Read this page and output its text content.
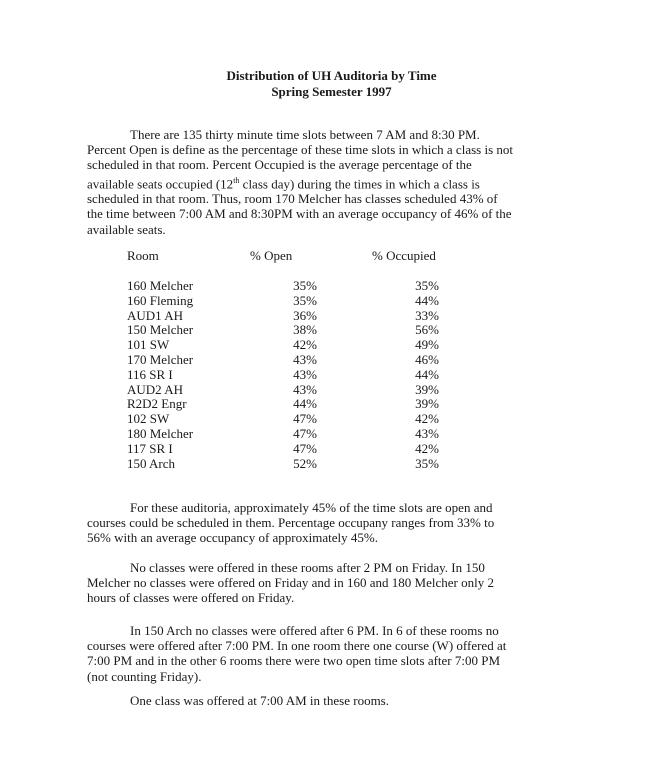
Distribution of UH Auditoria by Time
Spring Semester 1997
There are 135 thirty minute time slots between 7 AM and 8:30 PM.
Percent Open is define as the percentage of these time slots in which a class is not
scheduled in that room. Percent Occupied is the average percentage of the
available seats occupied (12th class day) during the times in which a class is
scheduled in that room. Thus, room 170 Melcher has classes scheduled 43% of
the time between 7:00 AM and 8:30PM with an average occupancy of 46% of the
available seats.
Room	% Open	% Occupied
160 Melcher	35%	35%
160 Fleming	35%	44%
AUD1 AH	36%	33%
150 Melcher	38%	56%
101 SW	42%	49%
170 Melcher	43%	46%
116 SR I	43%	44%
AUD2 AH	43%	39%
R2D2 Engr	44%	39%
102 SW	47%	42%
180 Melcher	47%	43%
117 SR I	47%	42%
150 Arch	52%	35%
For these auditoria, approximately 45% of the time slots are open and
courses could be scheduled in them. Percentage occupany ranges from 33% to
56% with an average occupancy of approximately 45%.
No classes were offered in these rooms after 2 PM on Friday. In 150
Melcher no classes were offered on Friday and in 160 and 180 Melcher only 2
hours of classes were offered on Friday.
In 150 Arch no classes were offered after 6 PM. In 6 of these rooms no
courses were offered after 7:00 PM. In one room there one course (W) offered at
7:00 PM and in the other 6 rooms there were two open time slots after 7:00 PM
(not counting Friday).
One class was offered at 7:00 AM in these rooms.
